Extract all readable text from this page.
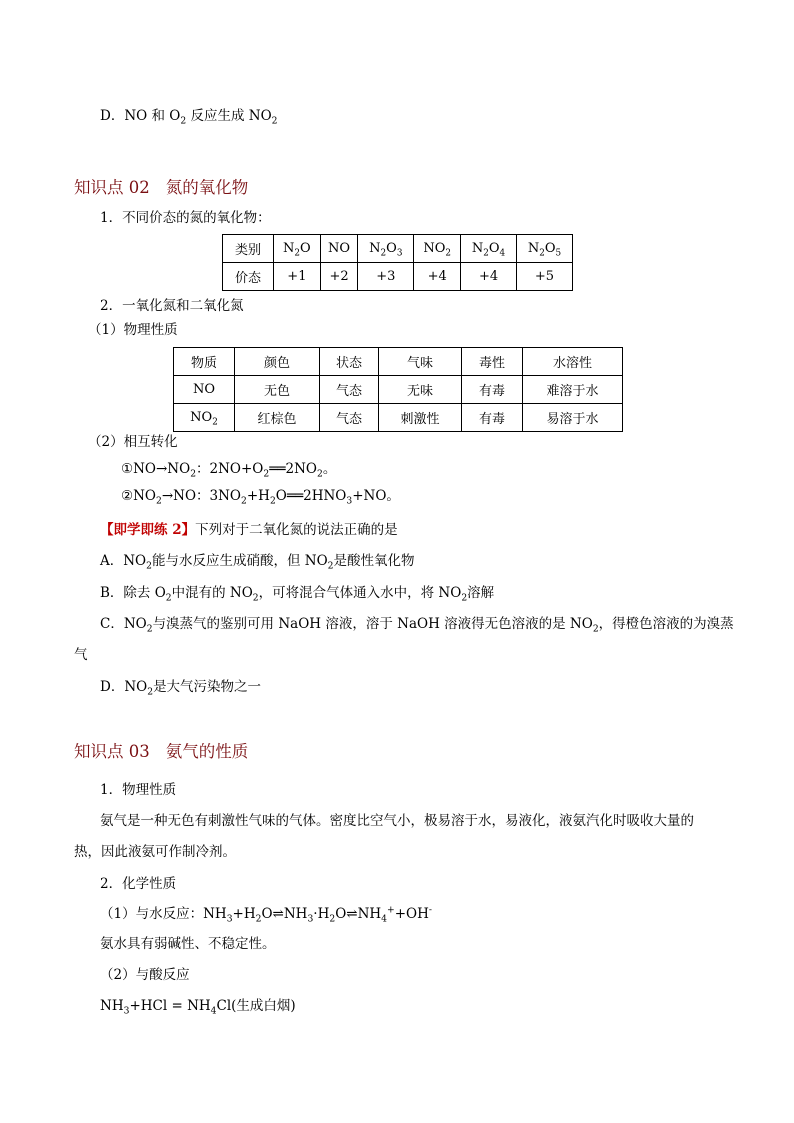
D．NO 和 $O_2$ 反应生成 $NO_2$
知识点 02 氮的氧化物
1．不同价态的氮的氧化物：
类别	$N_2O$	NO	$N_2O_3$	$NO_2$	$N_2O_4$	$N_2O_5$
价态	+1	+2	+3	+4	+4	+5
2．一氧化氮和二氧化氮
（1）物理性质
物质	颜色	状态	气味	毒性	水溶性
NO	无色	气态	无味	有毒	难溶于水
$NO_2$	红棕色	气态	刺激性	有毒	易溶于水
（2）相互转化
$①NO\to NO_2$：$2NO+O_2══2NO_2$。
$②NO_2\to NO$：$3NO_2+H_2O══2HNO_3+NO$。
【即学即练 2】下列对于二氧化氮的说法正确的是
A．$NO_2$能与水反应生成硝酸，但 $NO_2$是酸性氧化物
B．除去 $O_2$中混有的 $NO_2$，可将混合气体通入水中，将 $NO_2$溶解
C．$NO_2$与溴蒸气的鉴别可用 NaOH 溶液，溶于 NaOH 溶液得无色溶液的是 $NO_2$，得橙色溶液的为溴蒸
气
D．$NO_2$是大气污染物之一
知识点 03 氨气的性质
1．物理性质
氨气是一种无色有刺激性气味的气体。密度比空气小，极易溶于水，易液化，液氨汽化时吸收大量的
热，因此液氨可作制冷剂。
2．化学性质
（1）与水反应：$NH_3+H_2O\rightleftharpoons NH_3\cdot H_2O\rightleftharpoons NH_4^++OH^-$
氨水具有弱碱性、不稳定性。
（2）与酸反应
$NH_3+HCl = NH_4Cl$(生成白烟)
